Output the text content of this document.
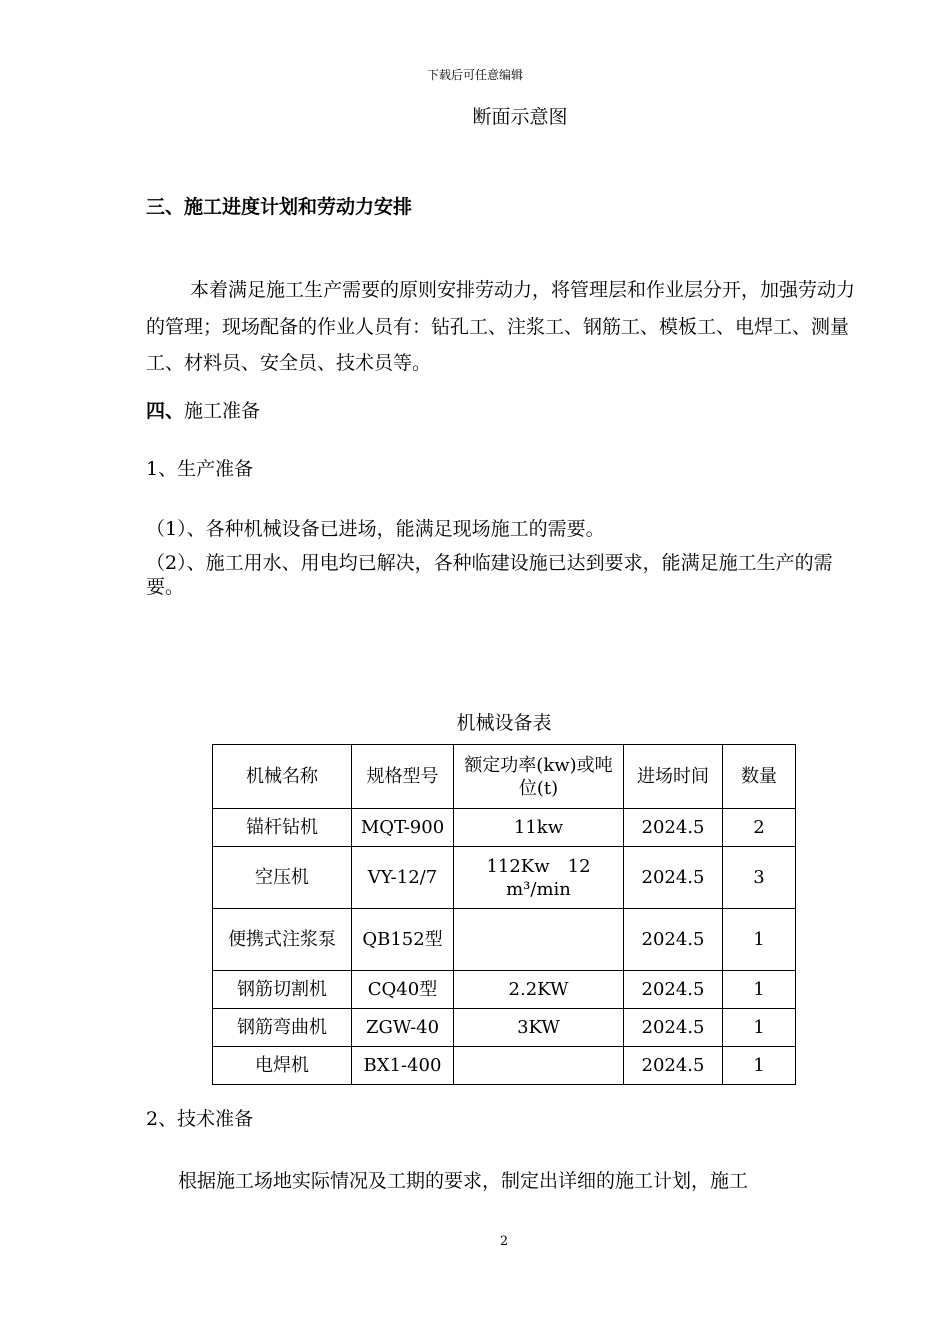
下载后可任意编辑
断面示意图
三、施工进度计划和劳动力安排
本着满足施工生产需要的原则安排劳动力，将管理层和作业层分开，加强劳动力的管理；现场配备的作业人员有：钻孔工、注浆工、钢筋工、模板工、电焊工、测量工、材料员、安全员、技术员等。
四、施工准备
1、生产准备
（1）、各种机械设备已进场，能满足现场施工的需要。
（2）、施工用水、用电均已解决，各种临建设施已达到要求，能满足施工生产的需要。
机械设备表
机械名称	规格型号	额定功率(kw)或吨位(t)	进场时间	数量
锚杆钻机	MQT-900	11kw	2024.5	2
空压机	VY-12/7	112Kw　12 m³/min	2024.5	3
便携式注浆泵	QB152型		2024.5	1
钢筋切割机	CQ40型	2.2KW	2024.5	1
钢筋弯曲机	ZGW-40	3KW	2024.5	1
电焊机	BX1-400		2024.5	1
2、技术准备
根据施工场地实际情况及工期的要求，制定出详细的施工计划，施工
2
